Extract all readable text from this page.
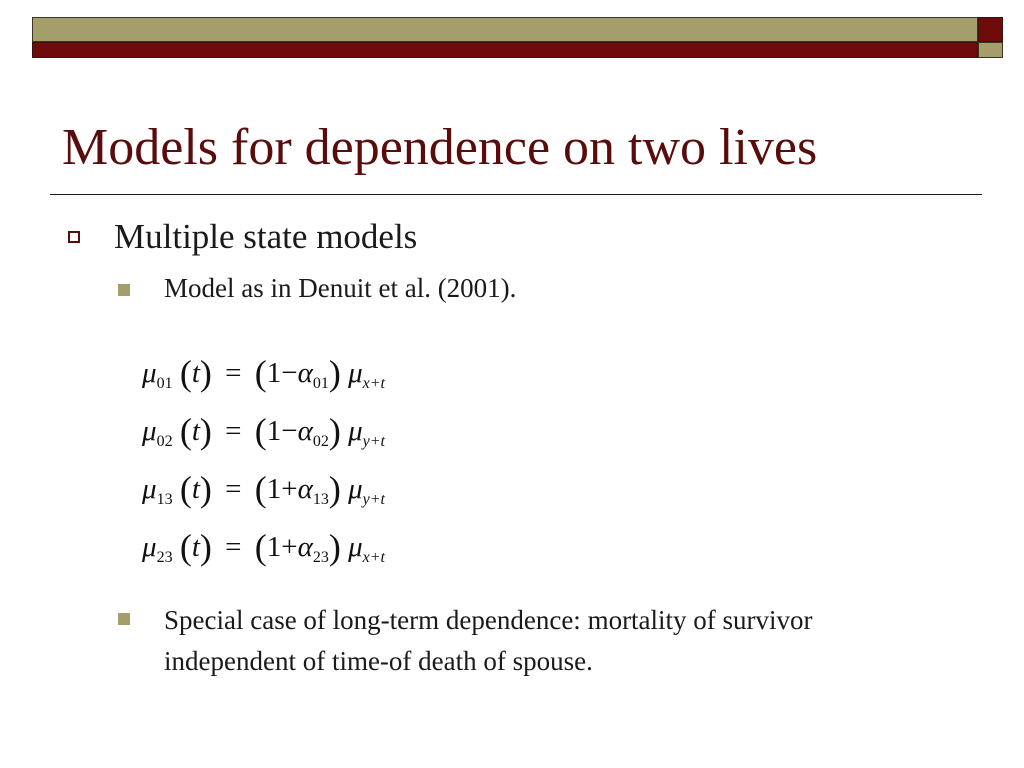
Models for dependence on two lives
Multiple state models
Model as in Denuit et al. (2001).
$\mu_{01}$ $(t) = (1-\alpha_{01})$ $\mu_{x+t}$
$\mu_{02}$ $(t) = (1-\alpha_{02})$ $\mu_{y+t}$
$\mu_{13}$ $(t) = (1+\alpha_{13})$ $\mu_{y+t}$
$\mu_{23}$ $(t) = (1+\alpha_{23})$ $\mu_{x+t}$
Special case of long-term dependence: mortality of survivor independent of time-of death of spouse.
